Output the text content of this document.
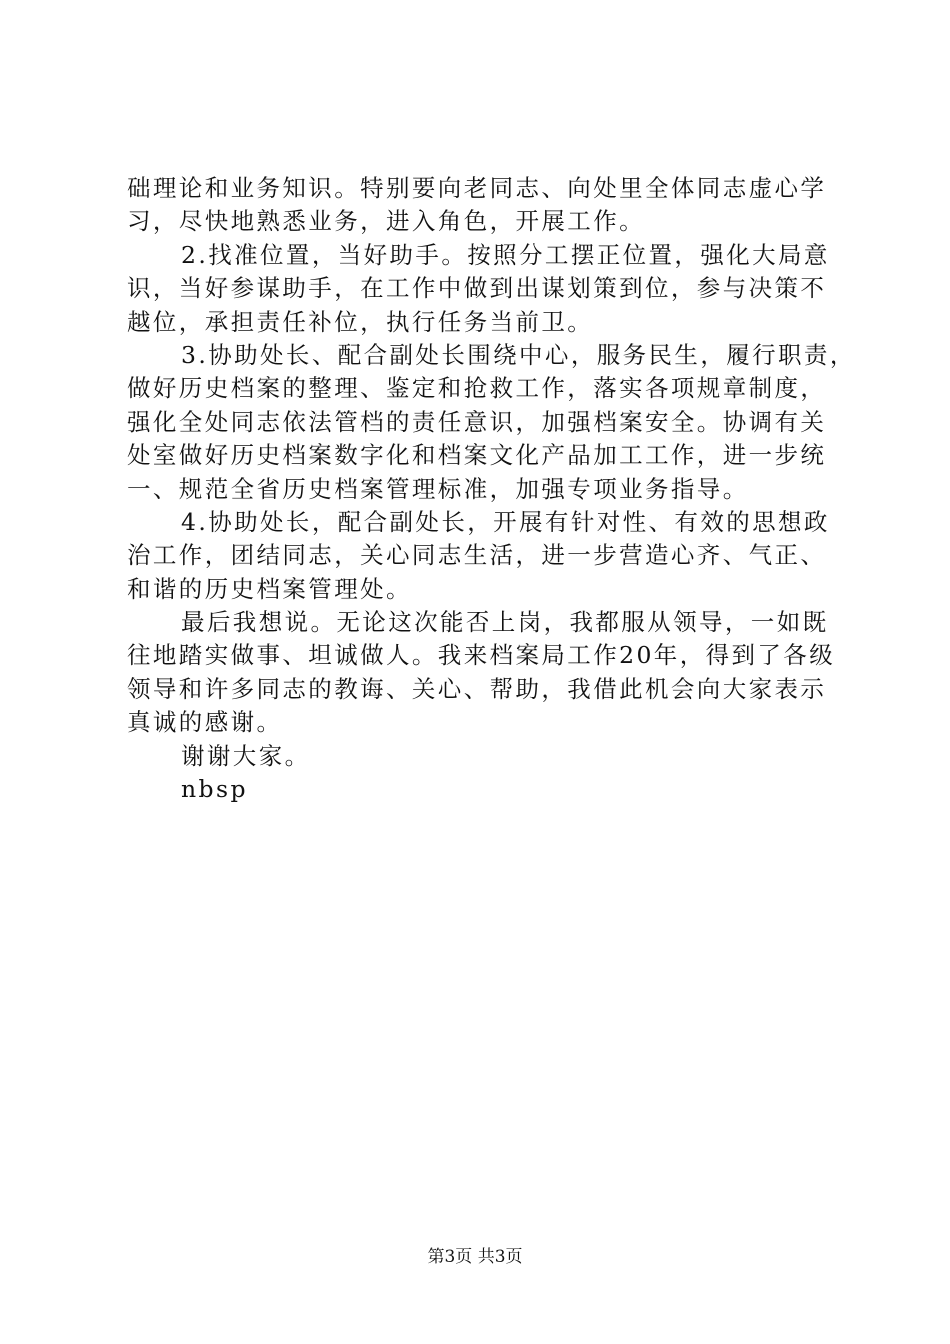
础理论和业务知识。特别要向老同志、向处里全体同志虚心学
习，尽快地熟悉业务，进入角色，开展工作。
2.找准位置，当好助手。按照分工摆正位置，强化大局意
识，当好参谋助手，在工作中做到出谋划策到位，参与决策不
越位，承担责任补位，执行任务当前卫。
3.协助处长、配合副处长围绕中心，服务民生，履行职责，
做好历史档案的整理、鉴定和抢救工作，落实各项规章制度，
强化全处同志依法管档的责任意识，加强档案安全。协调有关
处室做好历史档案数字化和档案文化产品加工工作，进一步统
一、规范全省历史档案管理标准，加强专项业务指导。
4.协助处长，配合副处长，开展有针对性、有效的思想政
治工作，团结同志，关心同志生活，进一步营造心齐、气正、
和谐的历史档案管理处。
最后我想说。无论这次能否上岗，我都服从领导，一如既
往地踏实做事、坦诚做人。我来档案局工作20年，得到了各级
领导和许多同志的教诲、关心、帮助，我借此机会向大家表示
真诚的感谢。
谢谢大家。
nbsp
第3页 共3页
